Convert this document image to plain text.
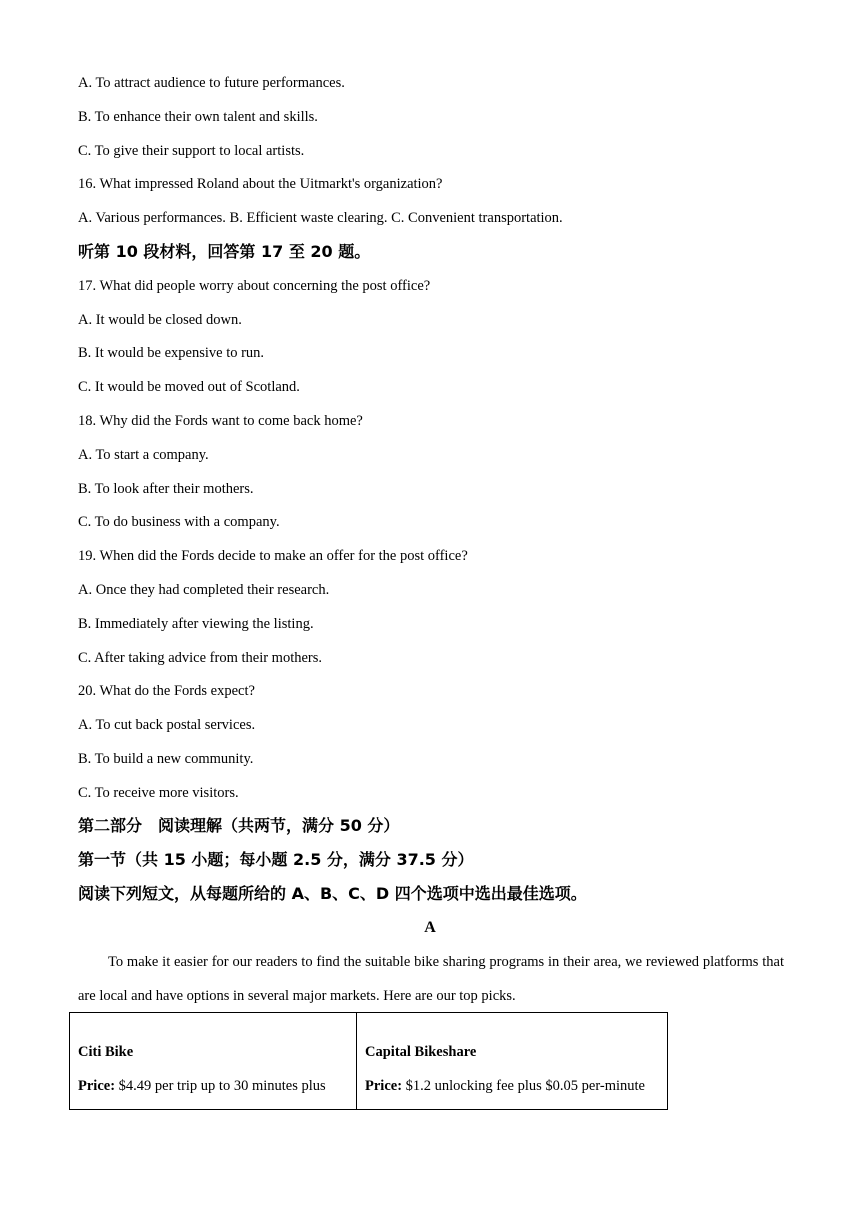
A. To attract audience to future performances.
B. To enhance their own talent and skills.
C. To give their support to local artists.
16. What impressed Roland about the Uitmarkt's organization?
A. Various performances. B. Efficient waste clearing. C. Convenient transportation.
听第 10 段材料，回答第 17 至 20 题。
17. What did people worry about concerning the post office?
A. It would be closed down.
B. It would be expensive to run.
C. It would be moved out of Scotland.
18. Why did the Fords want to come back home?
A. To start a company.
B. To look after their mothers.
C. To do business with a company.
19. When did the Fords decide to make an offer for the post office?
A. Once they had completed their research.
B. Immediately after viewing the listing.
C. After taking advice from their mothers.
20. What do the Fords expect?
A. To cut back postal services.
B. To build a new community.
C. To receive more visitors.
第二部分　阅读理解（共两节，满分 50 分）
第一节（共 15 小题；每小题 2.5 分，满分 37.5 分）
阅读下列短文，从每题所给的 A、B、C、D 四个选项中选出最佳选项。
A
To make it easier for our readers to find the suitable bike sharing programs in their area, we reviewed platforms that are local and have options in several major markets. Here are our top picks.
Citi Bike
Price: $4.49 per trip up to 30 minutes plus	
Capital Bikeshare
Price: $1.2 unlocking fee plus $0.05 per-minute
